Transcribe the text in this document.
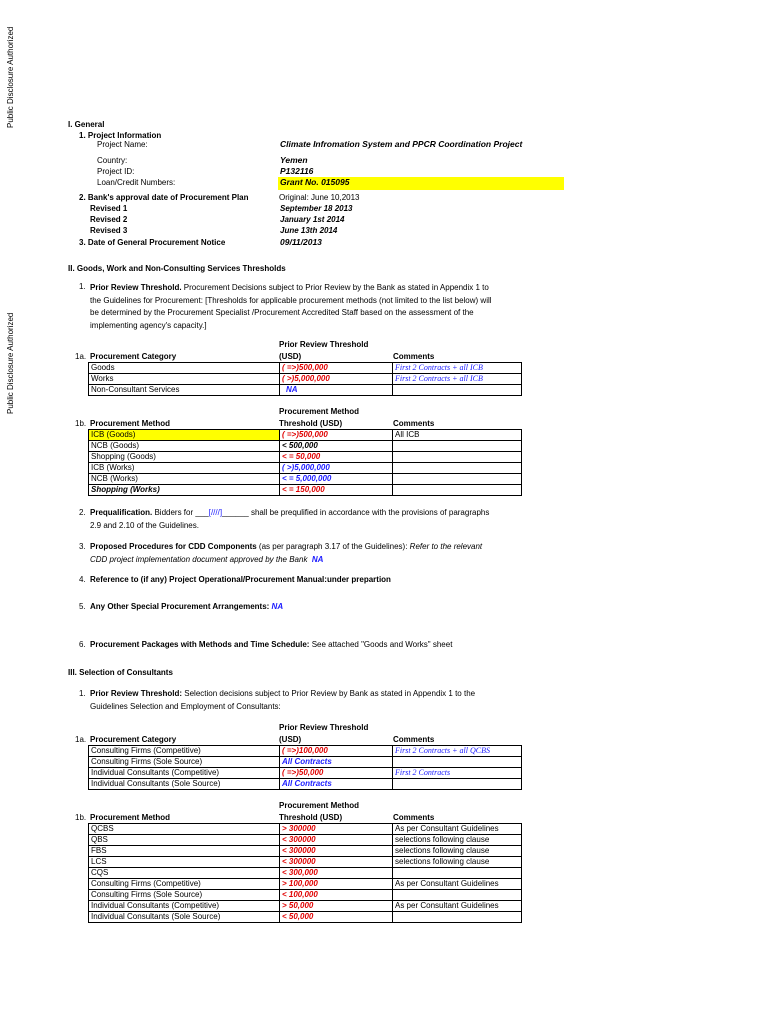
Public Disclosure Authorized
Public Disclosure Authorized
I. General
1. Project Information
Project Name:	Climate Infromation System and PPCR Coordination Project
Country:	Yemen
Project ID:	P132116
Loan/Credit Numbers:	Grant No. 015095
2. Bank's approval date of Procurement Plan	Original: June 10,2013
Revised 1	September 18 2013
Revised 2	January 1st 2014
Revised 3	June 13th 2014
3. Date of General Procurement Notice	09/11/2013
II. Goods, Work and Non-Consulting Services Thresholds
1. Prior Review Threshold. Procurement Decisions subject to Prior Review by the Bank as stated in Appendix 1 to
the Guidelines for Procurement: [Thresholds for applicable procurement methods (not limited to the list below) will
be determined by the Procurement Specialist /Procurement Accredited Staff based on the assessment of the
implementing agency's capacity.]
Prior Review Threshold
1a. Procurement Category	(USD)	Comments
Goods	( =>)500,000	First 2 Contracts + all ICB
Works	( >)5,000,000	First 2 Contracts + all ICB
Non-Consultant Services	NA	
Procurement Method
1b. Procurement Method	Threshold (USD)	Comments
ICB (Goods)	( =>)500,000	All ICB
NCB (Goods)	< 500,000	
Shopping (Goods)	< = 50,000	
ICB (Works)	( >)5,000,000	
NCB (Works)	< = 5,000,000	
Shopping (Works)	< = 150,000	
2. Prequalification. Bidders for ___[////]______ shall be prequlified in accordance with the provisions of paragraphs
2.9 and 2.10 of the Guidelines.
3. Proposed Procedures for CDD Components (as per paragraph 3.17 of the Guidelines): Refer to the relevant
CDD project implementation document approved by the Bank NA
4. Reference to (if any) Project Operational/Procurement Manual:under prepartion
5. Any Other Special Procurement Arrangements: NA
6. Procurement Packages with Methods and Time Schedule: See attached "Goods and Works" sheet
III. Selection of Consultants
1. Prior Review Threshold: Selection decisions subject to Prior Review by Bank as stated in Appendix 1 to the
Guidelines Selection and Employment of Consultants:
Prior Review Threshold
1a. Procurement Category	(USD)	Comments
Consulting Firms (Competitive)	( =>)100,000	First 2 Contracts + all QCBS
Consulting Firms (Sole Source)	All Contracts	
Individual Consultants (Competitive)	( =>)50,000	First 2 Contracts
Individual Consultants (Sole Source)	All Contracts	
Procurement Method
1b. Procurement Method	Threshold (USD)	Comments
QCBS	> 300000	As per Consultant Guidelines
QBS	< 300000	selections following clause
FBS	< 300000	selections following clause
LCS	< 300000	selections following clause
CQS	< 300,000	
Consulting Firms (Competitive)	> 100,000	As per Consultant Guidelines
Consulting Firms (Sole Source)	< 100,000	
Individual Consultants (Competitive)	> 50,000	As per Consultant Guidelines
Individual Consultants (Sole Source)	< 50,000	
